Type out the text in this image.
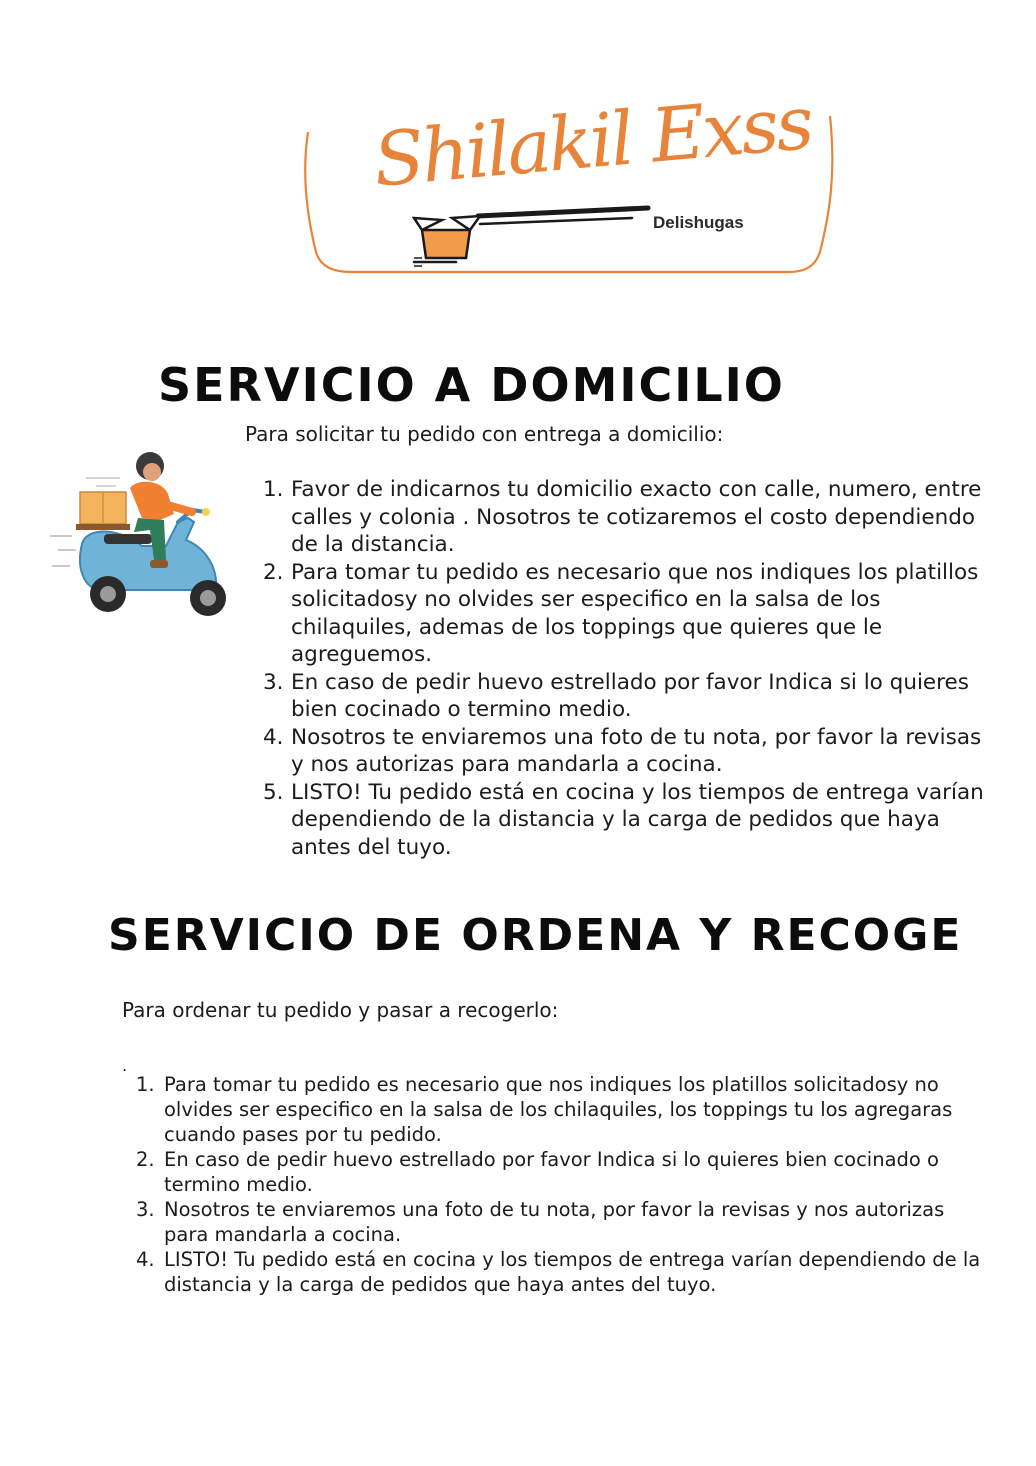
Shilakil Exss
Delishugas
SERVICIO A DOMICILIO

Para solicitar tu pedido con entrega a domicilio:

1. Favor de indicarnos tu domicilio exacto con calle, numero, entre calles y colonia . Nosotros te cotizaremos el costo dependiendo de la distancia.
2. Para tomar tu pedido es necesario que nos indiques los platillos solicitadosy no olvides ser especifico en la salsa de los chilaquiles, ademas de los toppings que quieres que le agreguemos.
3. En caso de pedir huevo estrellado por favor Indica si lo quieres bien cocinado o termino medio.
4. Nosotros te enviaremos una foto de tu nota, por favor la revisas y nos autorizas para mandarla a cocina.
5. LISTO! Tu pedido está en cocina y los tiempos de entrega varían dependiendo de la distancia y la carga de pedidos que haya antes del tuyo.
SERVICIO DE ORDENA Y RECOGE

Para ordenar tu pedido y pasar a recogerlo:

.
1. Para tomar tu pedido es necesario que nos indiques los platillos solicitadosy no olvides ser especifico en la salsa de los chilaquiles, los toppings tu los agregaras cuando pases por tu pedido.
2. En caso de pedir huevo estrellado por favor Indica si lo quieres bien cocinado o termino medio.
3. Nosotros te enviaremos una foto de tu nota, por favor la revisas y nos autorizas para mandarla a cocina.
4. LISTO! Tu pedido está en cocina y los tiempos de entrega varían dependiendo de la distancia y la carga de pedidos que haya antes del tuyo.
